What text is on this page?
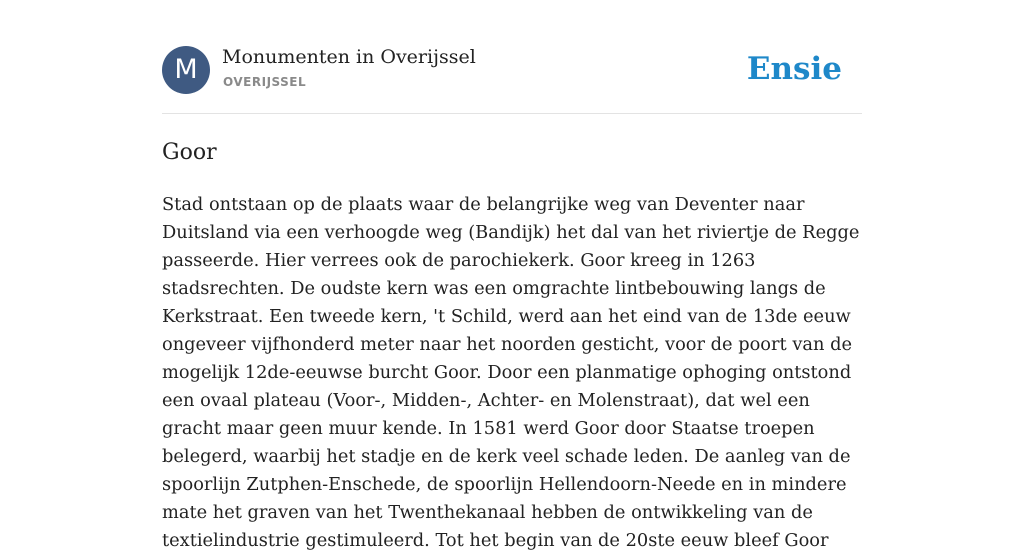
M	Monumenten in Overijssel
OVERIJSSEL	Ensie
Goor

Stad ontstaan op de plaats waar de belangrijke weg van Deventer naar Duitsland via een verhoogde weg (Bandijk) het dal van het riviertje de Regge passeerde. Hier verrees ook de parochiekerk. Goor kreeg in 1263 stadsrechten. De oudste kern was een omgrachte lintbebouwing langs de Kerkstraat. Een tweede kern, 't Schild, werd aan het eind van de 13de eeuw ongeveer vijfhonderd meter naar het noorden gesticht, voor de poort van de mogelijk 12de-eeuwse burcht Goor. Door een planmatige ophoging ontstond een ovaal plateau (Voor-, Midden-, Achter- en Molenstraat), dat wel een gracht maar geen muur kende. In 1581 werd Goor door Staatse troepen belegerd, waarbij het stadje en de kerk veel schade leden. De aanleg van de spoorlijn Zutphen-Enschede, de spoorlijn Hellendoorn-Neede en in mindere mate het graven van het Twenthekanaal hebben de ontwikkeling van de textielindustrie gestimuleerd. Tot het begin van de 20ste eeuw bleef Goor
